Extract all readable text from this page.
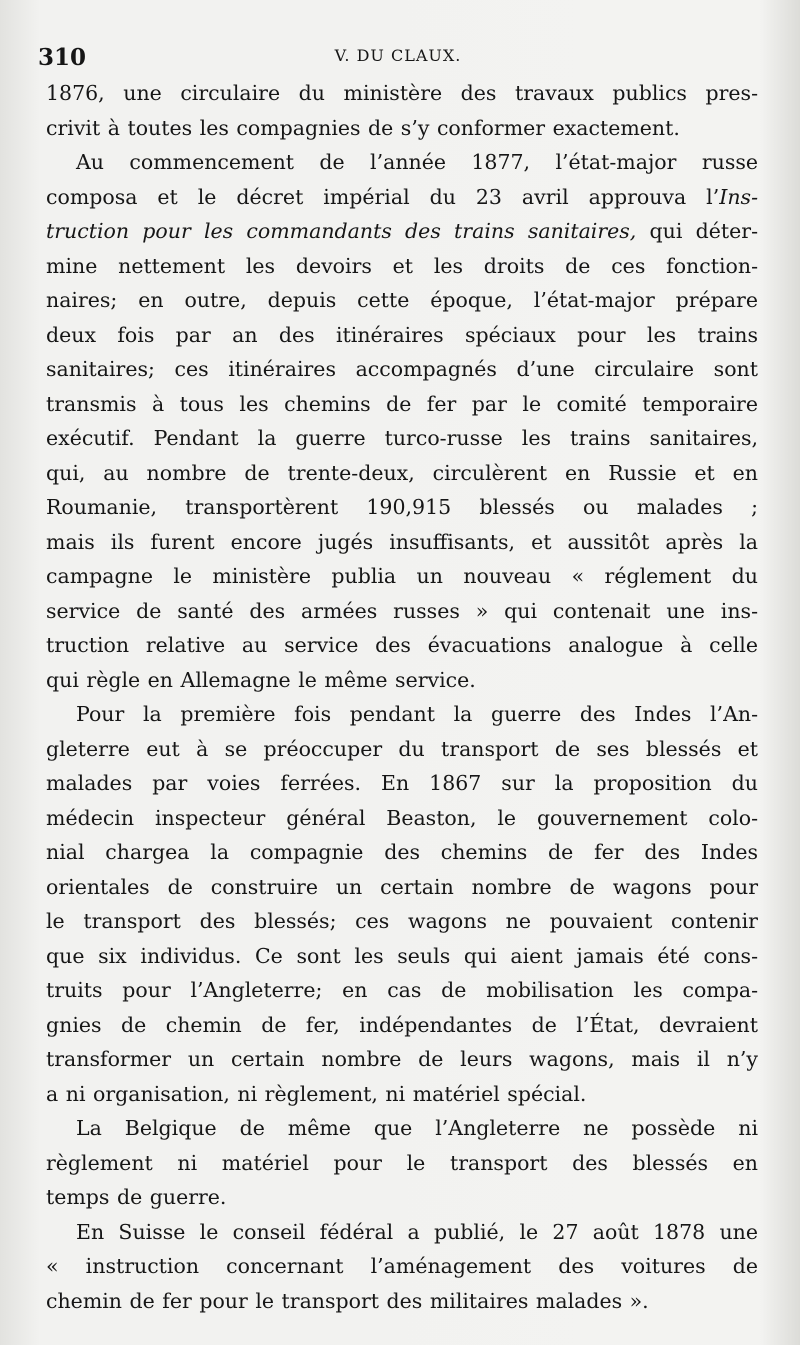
310	V. DU CLAUX.
1876, une circulaire du ministère des travaux publics pres-
crivit à toutes les compagnies de s’y conformer exactement.
Au commencement de l’année 1877, l’état-major russe
composa et le décret impérial du 23 avril approuva l’Ins-
truction pour les commandants des trains sanitaires, qui déter-
mine nettement les devoirs et les droits de ces fonction-
naires; en outre, depuis cette époque, l’état-major prépare
deux fois par an des itinéraires spéciaux pour les trains
sanitaires; ces itinéraires accompagnés d’une circulaire sont
transmis à tous les chemins de fer par le comité temporaire
exécutif. Pendant la guerre turco-russe les trains sanitaires,
qui, au nombre de trente-deux, circulèrent en Russie et en
Roumanie, transportèrent 190,915 blessés ou malades ;
mais ils furent encore jugés insuffisants, et aussitôt après la
campagne le ministère publia un nouveau « réglement du
service de santé des armées russes » qui contenait une ins-
truction relative au service des évacuations analogue à celle
qui règle en Allemagne le même service.
Pour la première fois pendant la guerre des Indes l’An-
gleterre eut à se préoccuper du transport de ses blessés et
malades par voies ferrées. En 1867 sur la proposition du
médecin inspecteur général Beaston, le gouvernement colo-
nial chargea la compagnie des chemins de fer des Indes
orientales de construire un certain nombre de wagons pour
le transport des blessés; ces wagons ne pouvaient contenir
que six individus. Ce sont les seuls qui aient jamais été cons-
truits pour l’Angleterre; en cas de mobilisation les compa-
gnies de chemin de fer, indépendantes de l’État, devraient
transformer un certain nombre de leurs wagons, mais il n’y
a ni organisation, ni règlement, ni matériel spécial.
La Belgique de même que l’Angleterre ne possède ni
règlement ni matériel pour le transport des blessés en
temps de guerre.
En Suisse le conseil fédéral a publié, le 27 août 1878 une
« instruction concernant l’aménagement des voitures de
chemin de fer pour le transport des militaires malades ».
